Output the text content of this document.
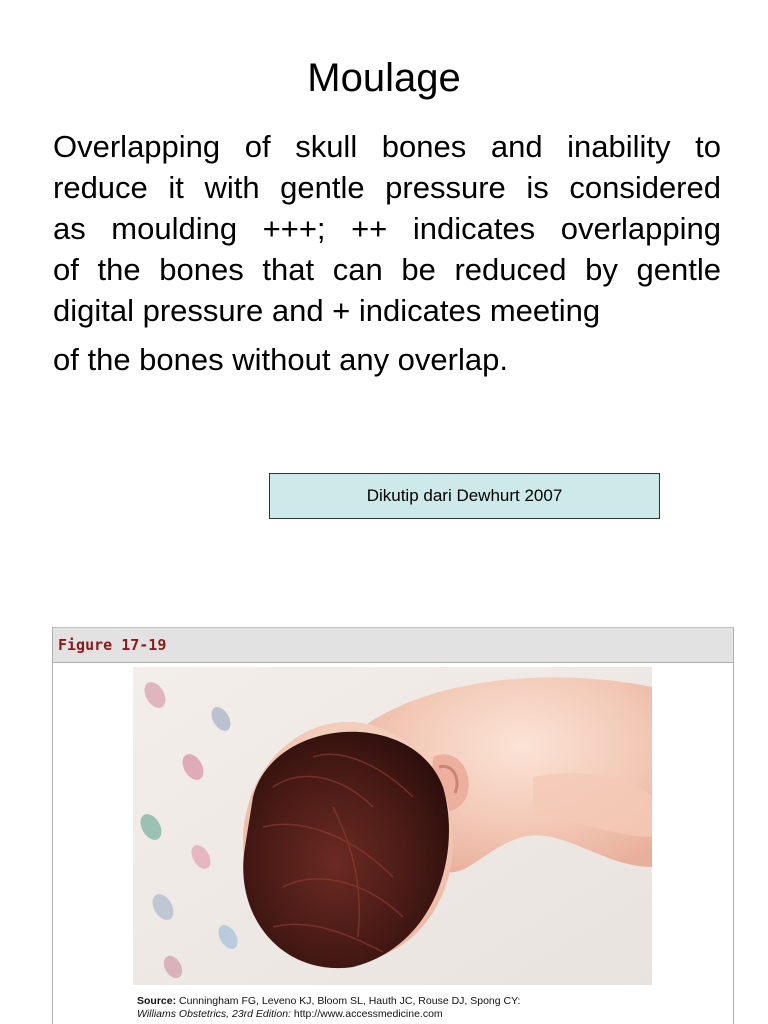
Moulage
Overlapping of skull bones and inability to
reduce it with gentle pressure is considered
as moulding +++; ++ indicates overlapping
of the bones that can be reduced by gentle
digital pressure and + indicates meeting
of the bones without any overlap.
Dikutip dari Dewhurt 2007
Figure 17-19
Source: Cunningham FG, Leveno KJ, Bloom SL, Hauth JC, Rouse DJ, Spong CY:
Williams Obstetrics, 23rd Edition: http://www.accessmedicine.com
